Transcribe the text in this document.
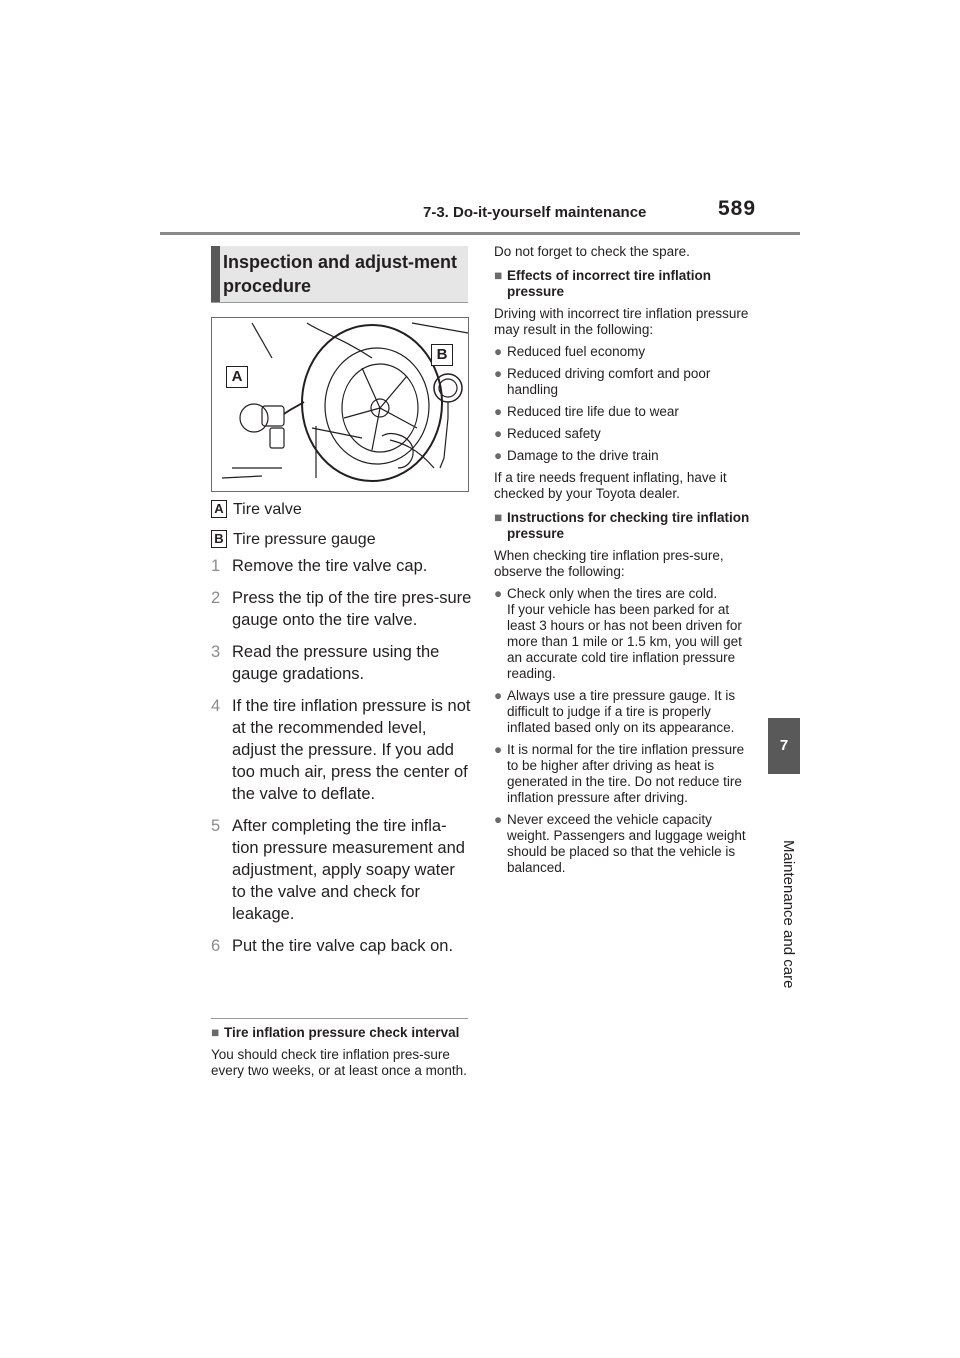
7-3. Do-it-yourself maintenance	589
7
Maintenance and care
Inspection and adjust-ment procedure
A
B
A Tire valve
B Tire pressure gauge
1 Remove the tire valve cap.
2 Press the tip of the tire pres-sure gauge onto the tire valve.
3 Read the pressure using the gauge gradations.
4 If the tire inflation pressure is not at the recommended level, adjust the pressure. If you add too much air, press the center of the valve to deflate.
5 After completing the tire infla-tion pressure measurement and adjustment, apply soapy water to the valve and check for leakage.
6 Put the tire valve cap back on.
■ Tire inflation pressure check interval
You should check tire inflation pres-sure every two weeks, or at least once a month.
Do not forget to check the spare.
■ Effects of incorrect tire inflation pressure
Driving with incorrect tire inflation pressure may result in the following:
● Reduced fuel economy
● Reduced driving comfort and poor handling
● Reduced tire life due to wear
● Reduced safety
● Damage to the drive train
If a tire needs frequent inflating, have it checked by your Toyota dealer.
■ Instructions for checking tire inflation pressure
When checking tire inflation pres-sure, observe the following:
● Check only when the tires are cold.
If your vehicle has been parked for at least 3 hours or has not been driven for more than 1 mile or 1.5 km, you will get an accurate cold tire inflation pressure reading.
● Always use a tire pressure gauge. It is difficult to judge if a tire is properly inflated based only on its appearance.
● It is normal for the tire inflation pressure to be higher after driving as heat is generated in the tire. Do not reduce tire inflation pressure after driving.
● Never exceed the vehicle capacity weight. Passengers and luggage weight should be placed so that the vehicle is balanced.
